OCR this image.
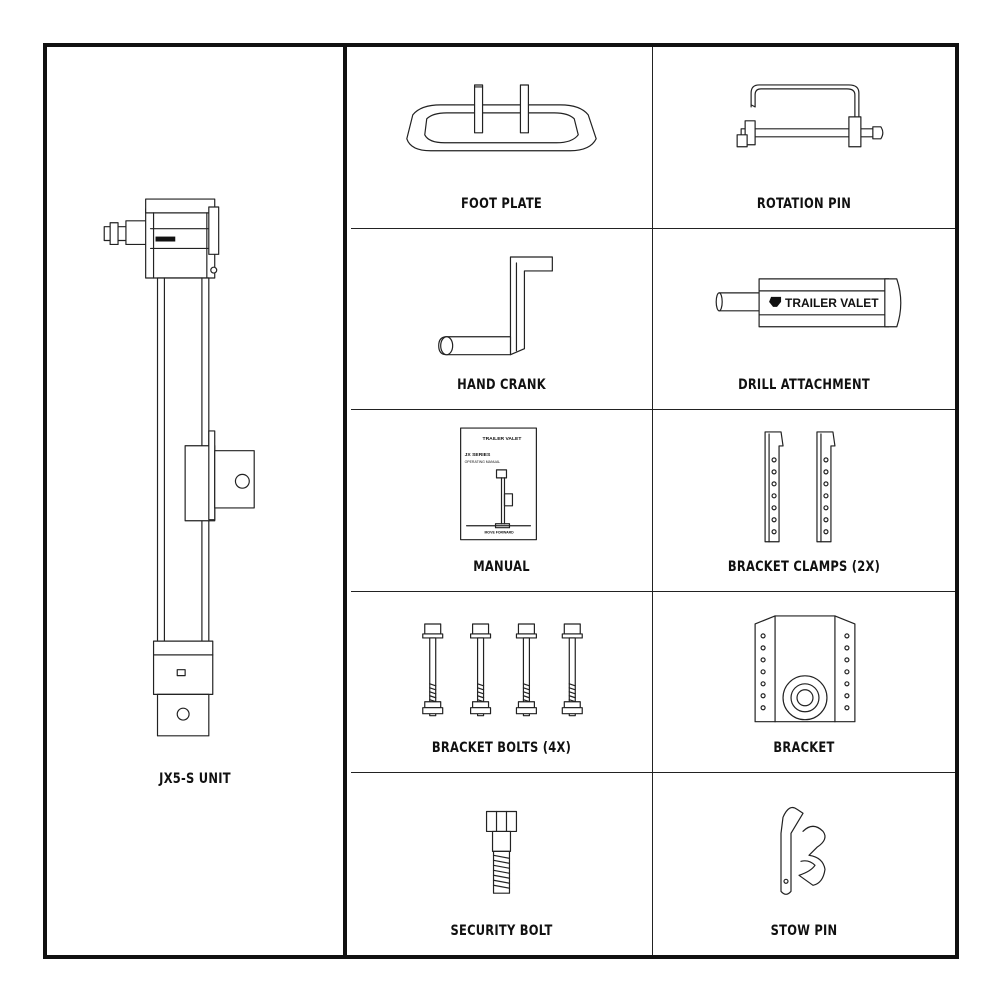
JX5-S UNIT
FOOT PLATE	ROTATION PIN
HAND CRANK
TRAILER VALET
DRILL ATTACHMENT
TRAILER VALET
JX SERIES
OPERATING MANUAL
MOVE FORWARD
MANUAL	BRACKET CLAMPS (2X)
BRACKET BOLTS (4X)	BRACKET
SECURITY BOLT	STOW PIN
